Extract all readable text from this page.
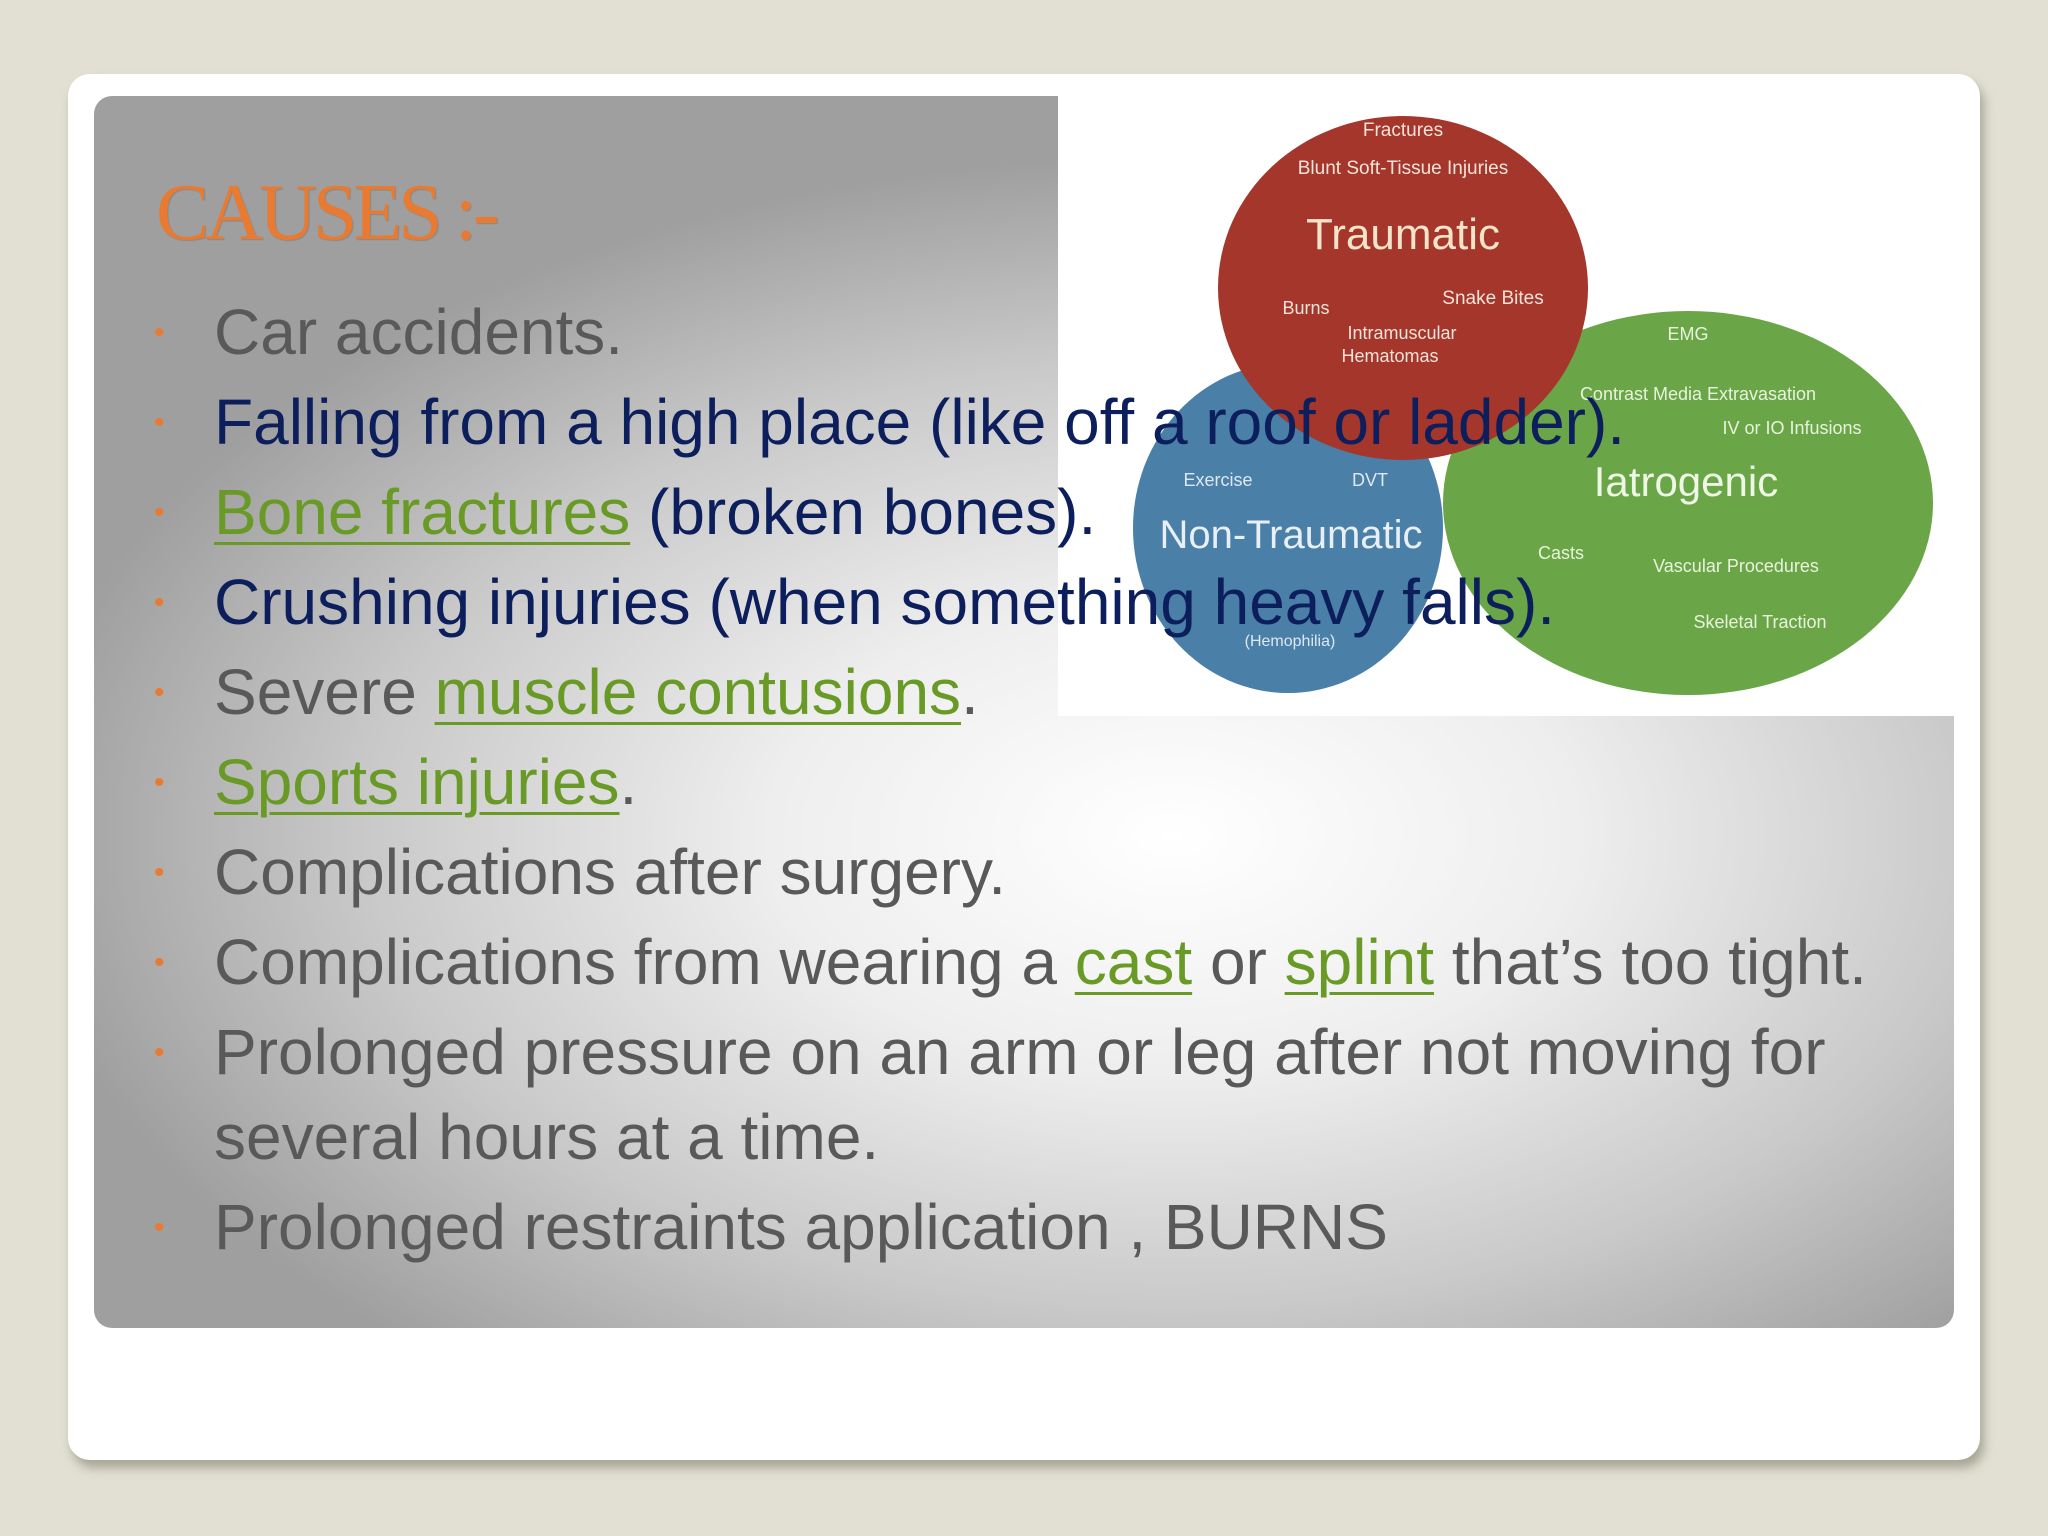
Fractures
Blunt Soft-Tissue Injuries
Traumatic
Snake Bites
Burns
Intramuscular
Hematomas
EMG
Contrast Media Extravasation
IV or IO Infusions
Iatrogenic
Casts
Vascular Procedures
Skeletal Traction
Exercise	DVT
Non-Traumatic
(Hemophilia)
CAUSES :-
• Car accidents.
• Falling from a high place (like off a roof or ladder).
• Bone fractures (broken bones).
• Crushing injuries (when something heavy falls).
• Severe muscle contusions.
• Sports injuries.
• Complications after surgery.
• Complications from wearing a cast or splint that’s too tight.
• Prolonged pressure on an arm or leg after not moving for several hours at a time.
• Prolonged restraints application , BURNS
